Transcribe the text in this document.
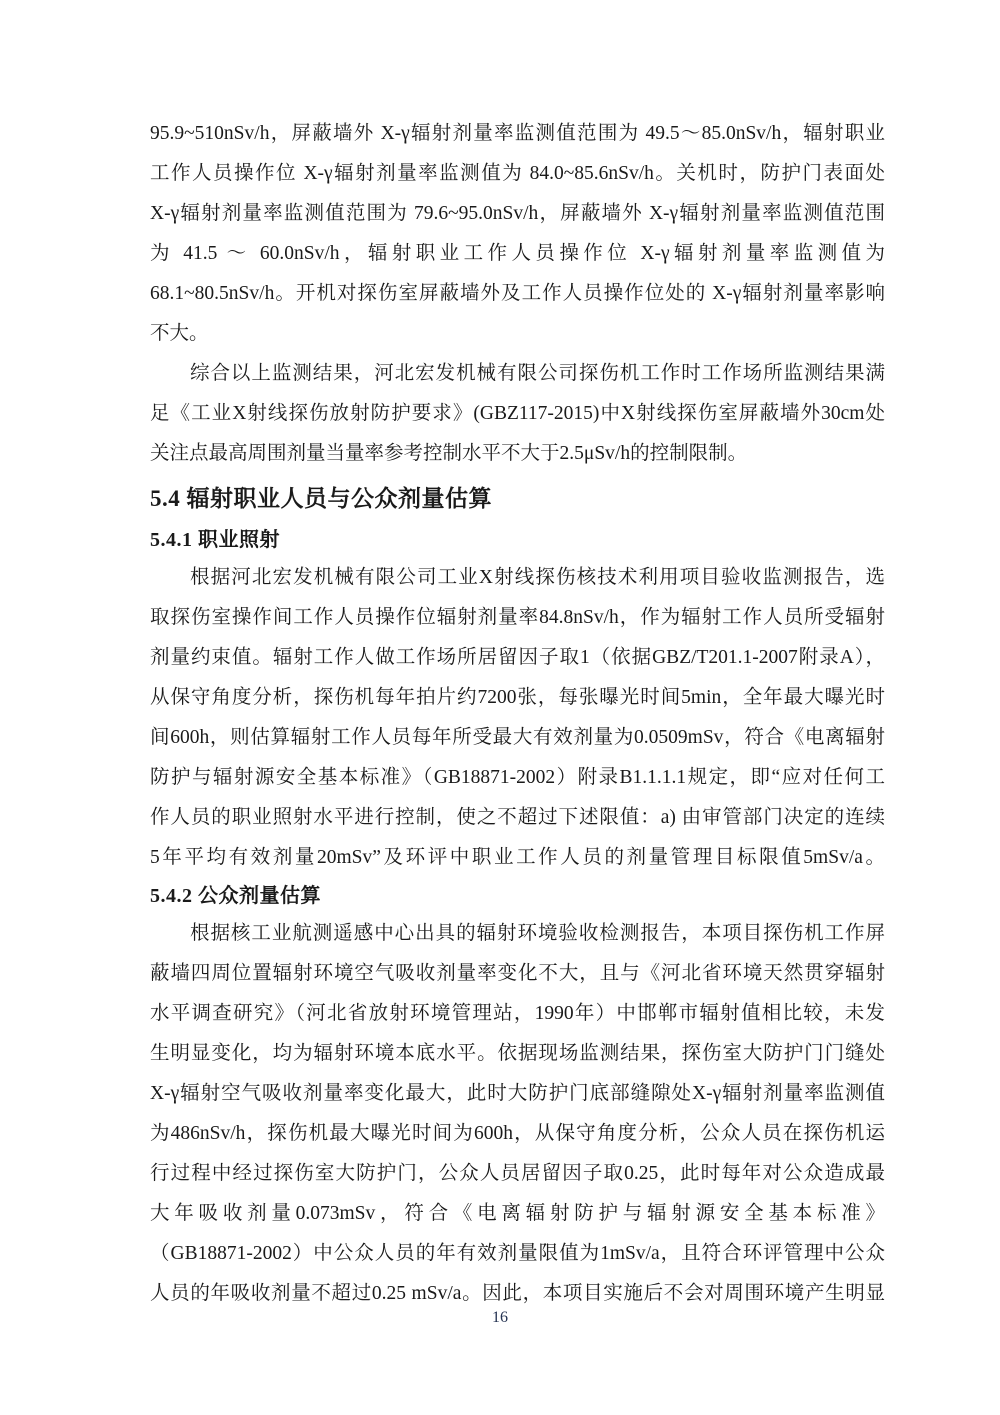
95.9~510nSv/h，屏蔽墙外 X-γ辐射剂量率监测值范围为 49.5～85.0nSv/h，辐射职业
工作人员操作位 X-γ辐射剂量率监测值为 84.0~85.6nSv/h。关机时，防护门表面处
X-γ辐射剂量率监测值范围为 79.6~95.0nSv/h，屏蔽墙外 X-γ辐射剂量率监测值范围
为 41.5 ～ 60.0nSv/h，辐射职业工作人员操作位 X-γ辐射剂量率监测值为
68.1~80.5nSv/h。开机对探伤室屏蔽墙外及工作人员操作位处的 X-γ辐射剂量率影响
不大。
综合以上监测结果，河北宏发机械有限公司探伤机工作时工作场所监测结果满
足《工业X射线探伤放射防护要求》(GBZ117-2015)中X射线探伤室屏蔽墙外30cm处
关注点最高周围剂量当量率参考控制水平不大于2.5μSv/h的控制限制。
5.4 辐射职业人员与公众剂量估算
5.4.1 职业照射
根据河北宏发机械有限公司工业X射线探伤核技术利用项目验收监测报告，选
取探伤室操作间工作人员操作位辐射剂量率84.8nSv/h，作为辐射工作人员所受辐射
剂量约束值。辐射工作人做工作场所居留因子取1（依据GBZ/T201.1-2007附录A），
从保守角度分析，探伤机每年拍片约7200张，每张曝光时间5min，全年最大曝光时
间600h，则估算辐射工作人员每年所受最大有效剂量为0.0509mSv，符合《电离辐射
防护与辐射源安全基本标准》（GB18871-2002）附录B1.1.1.1规定，即“应对任何工
作人员的职业照射水平进行控制，使之不超过下述限值：a) 由审管部门决定的连续
5年平均有效剂量20mSv”及环评中职业工作人员的剂量管理目标限值5mSv/a。
5.4.2 公众剂量估算
根据核工业航测遥感中心出具的辐射环境验收检测报告，本项目探伤机工作屏
蔽墙四周位置辐射环境空气吸收剂量率变化不大，且与《河北省环境天然贯穿辐射
水平调查研究》（河北省放射环境管理站，1990年）中邯郸市辐射值相比较，未发
生明显变化，均为辐射环境本底水平。依据现场监测结果，探伤室大防护门门缝处
X-γ辐射空气吸收剂量率变化最大，此时大防护门底部缝隙处X-γ辐射剂量率监测值
为486nSv/h，探伤机最大曝光时间为600h，从保守角度分析，公众人员在探伤机运
行过程中经过探伤室大防护门，公众人员居留因子取0.25，此时每年对公众造成最
大年吸收剂量0.073mSv，符合《电离辐射防护与辐射源安全基本标准》
（GB18871-2002）中公众人员的年有效剂量限值为1mSv/a，且符合环评管理中公众
人员的年吸收剂量不超过0.25 mSv/a。因此，本项目实施后不会对周围环境产生明显
16
